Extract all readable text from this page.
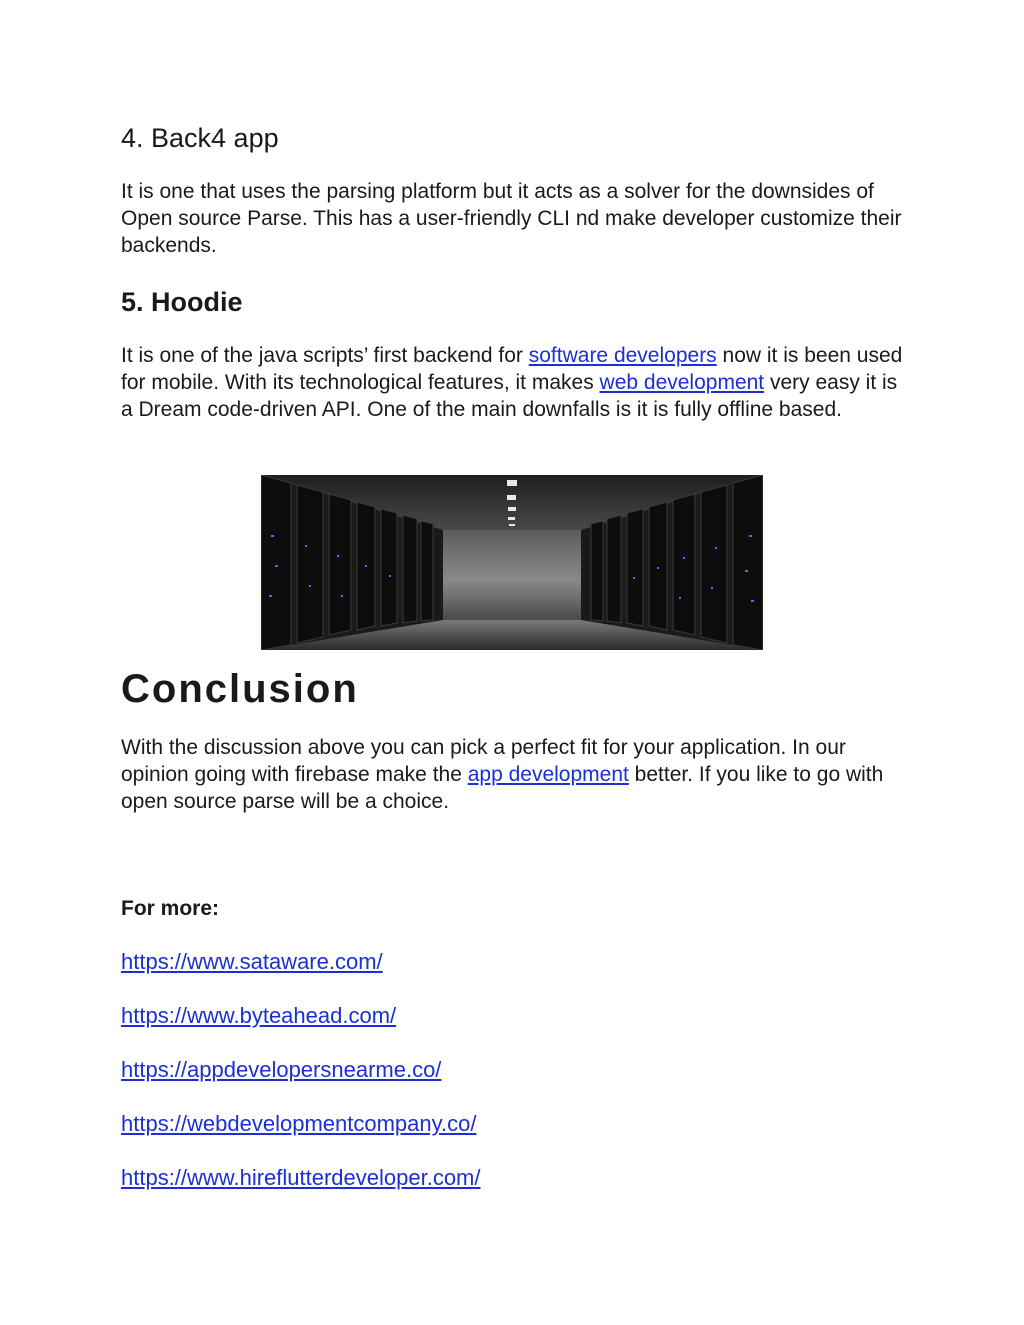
4. Back4 app

It is one that uses the parsing platform but it acts as a solver for the downsides of Open source Parse. This has a user-friendly CLI nd make developer customize their backends.

5. Hoodie

It is one of the java scripts’ first backend for software developers now it is been used for mobile. With its technological features, it makes web development very easy it is a Dream code-driven API. One of the main downfalls is it is fully offline based.

Conclusion

With the discussion above you can pick a perfect fit for your application. In our opinion going with firebase make the app development better. If you like to go with open source parse will be a choice.

For more:

https://www.sataware.com/
https://www.byteahead.com/
https://appdevelopersnearme.co/
https://webdevelopmentcompany.co/
https://www.hireflutterdeveloper.com/
